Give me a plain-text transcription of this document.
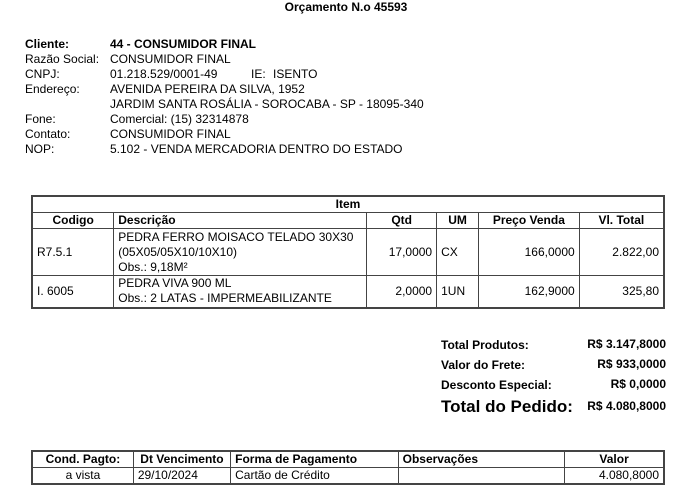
Orçamento N.o 45593
Cliente:	44 - CONSUMIDOR FINAL
Razão Social: CONSUMIDOR FINAL
CNPJ:	01.218.529/0001-49	IE: ISENTO
Endereço:	AVENIDA PEREIRA DA SILVA, 1952
JARDIM SANTA ROSÁLIA - SOROCABA - SP - 18095-340
Fone:	Comercial: (15) 32314878
Contato:	CONSUMIDOR FINAL
NOP:	5.102 - VENDA MERCADORIA DENTRO DO ESTADO
Item					
Codigo	Descrição	Qtd	UM	Preço Venda	Vl. Total
R7.5.1	PEDRA FERRO MOISACO TELADO 30X30
(05X05/05X10/10X10)
Obs.: 9,18M²	17,0000	CX	166,0000	2.822,00
I. 6005	PEDRA VIVA 900 ML
Obs.: 2 LATAS - IMPERMEABILIZANTE	2,0000	1UN	162,9000	325,80
Total Produtos:	R$ 3.147,8000
Valor do Frete:	R$ 933,0000
Desconto Especial:	R$ 0,0000
Total do Pedido: R$ 4.080,8000
Cond. Pagto:	Dt Vencimento	Forma de Pagamento	Observações	Valor
a vista	29/10/2024	Cartão de Crédito		4.080,8000
